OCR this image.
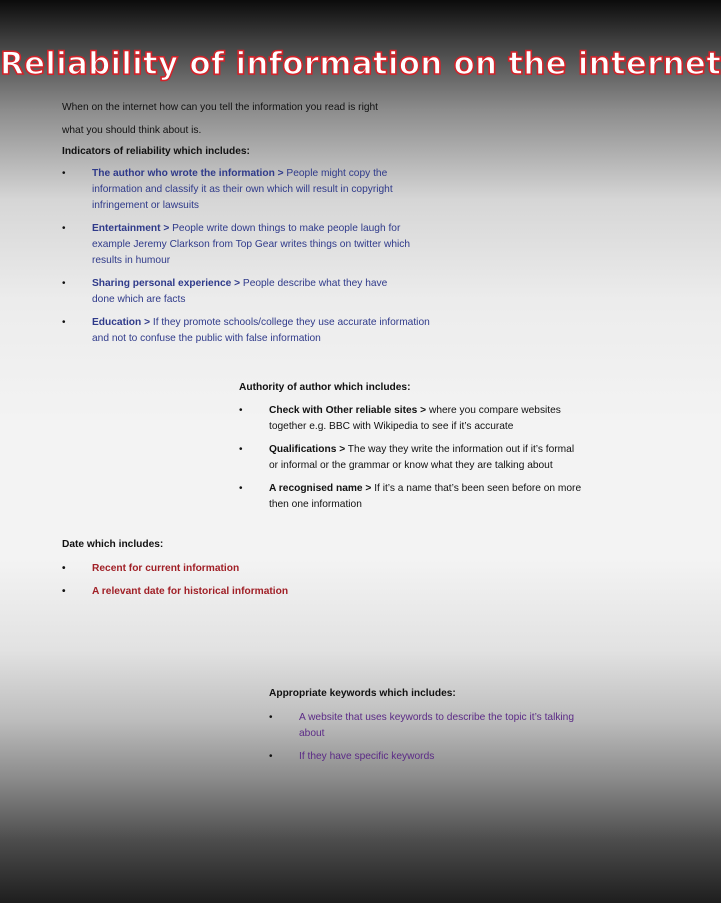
Reliability of information on the internet
When on the internet how can you tell the information you read is right
what you should think about is.
Indicators of reliability which includes:
•	The author who wrote the information > People might copy the information and classify it as their own which will result in copyright infringement or lawsuits
•	Entertainment > People write down things to make people laugh for example Jeremy Clarkson from Top Gear writes things on twitter which results in humour
•	Sharing personal experience > People describe what they have done which are facts
•	Education > If they promote schools/college they use accurate information and not to confuse the public with false information
Authority of author which includes:
•	Check with Other reliable sites > where you compare websites together e.g. BBC with Wikipedia to see if it’s accurate
•	Qualifications > The way they write the information out if it’s formal or informal or the grammar or know what they are talking about
•	A recognised name > If it’s a name that’s been seen before on more then one information
Date which includes:
•	Recent for current information
•	A relevant date for historical information
Appropriate keywords which includes:
•	A website that uses keywords to describe the topic it’s talking about
•	If they have specific keywords
